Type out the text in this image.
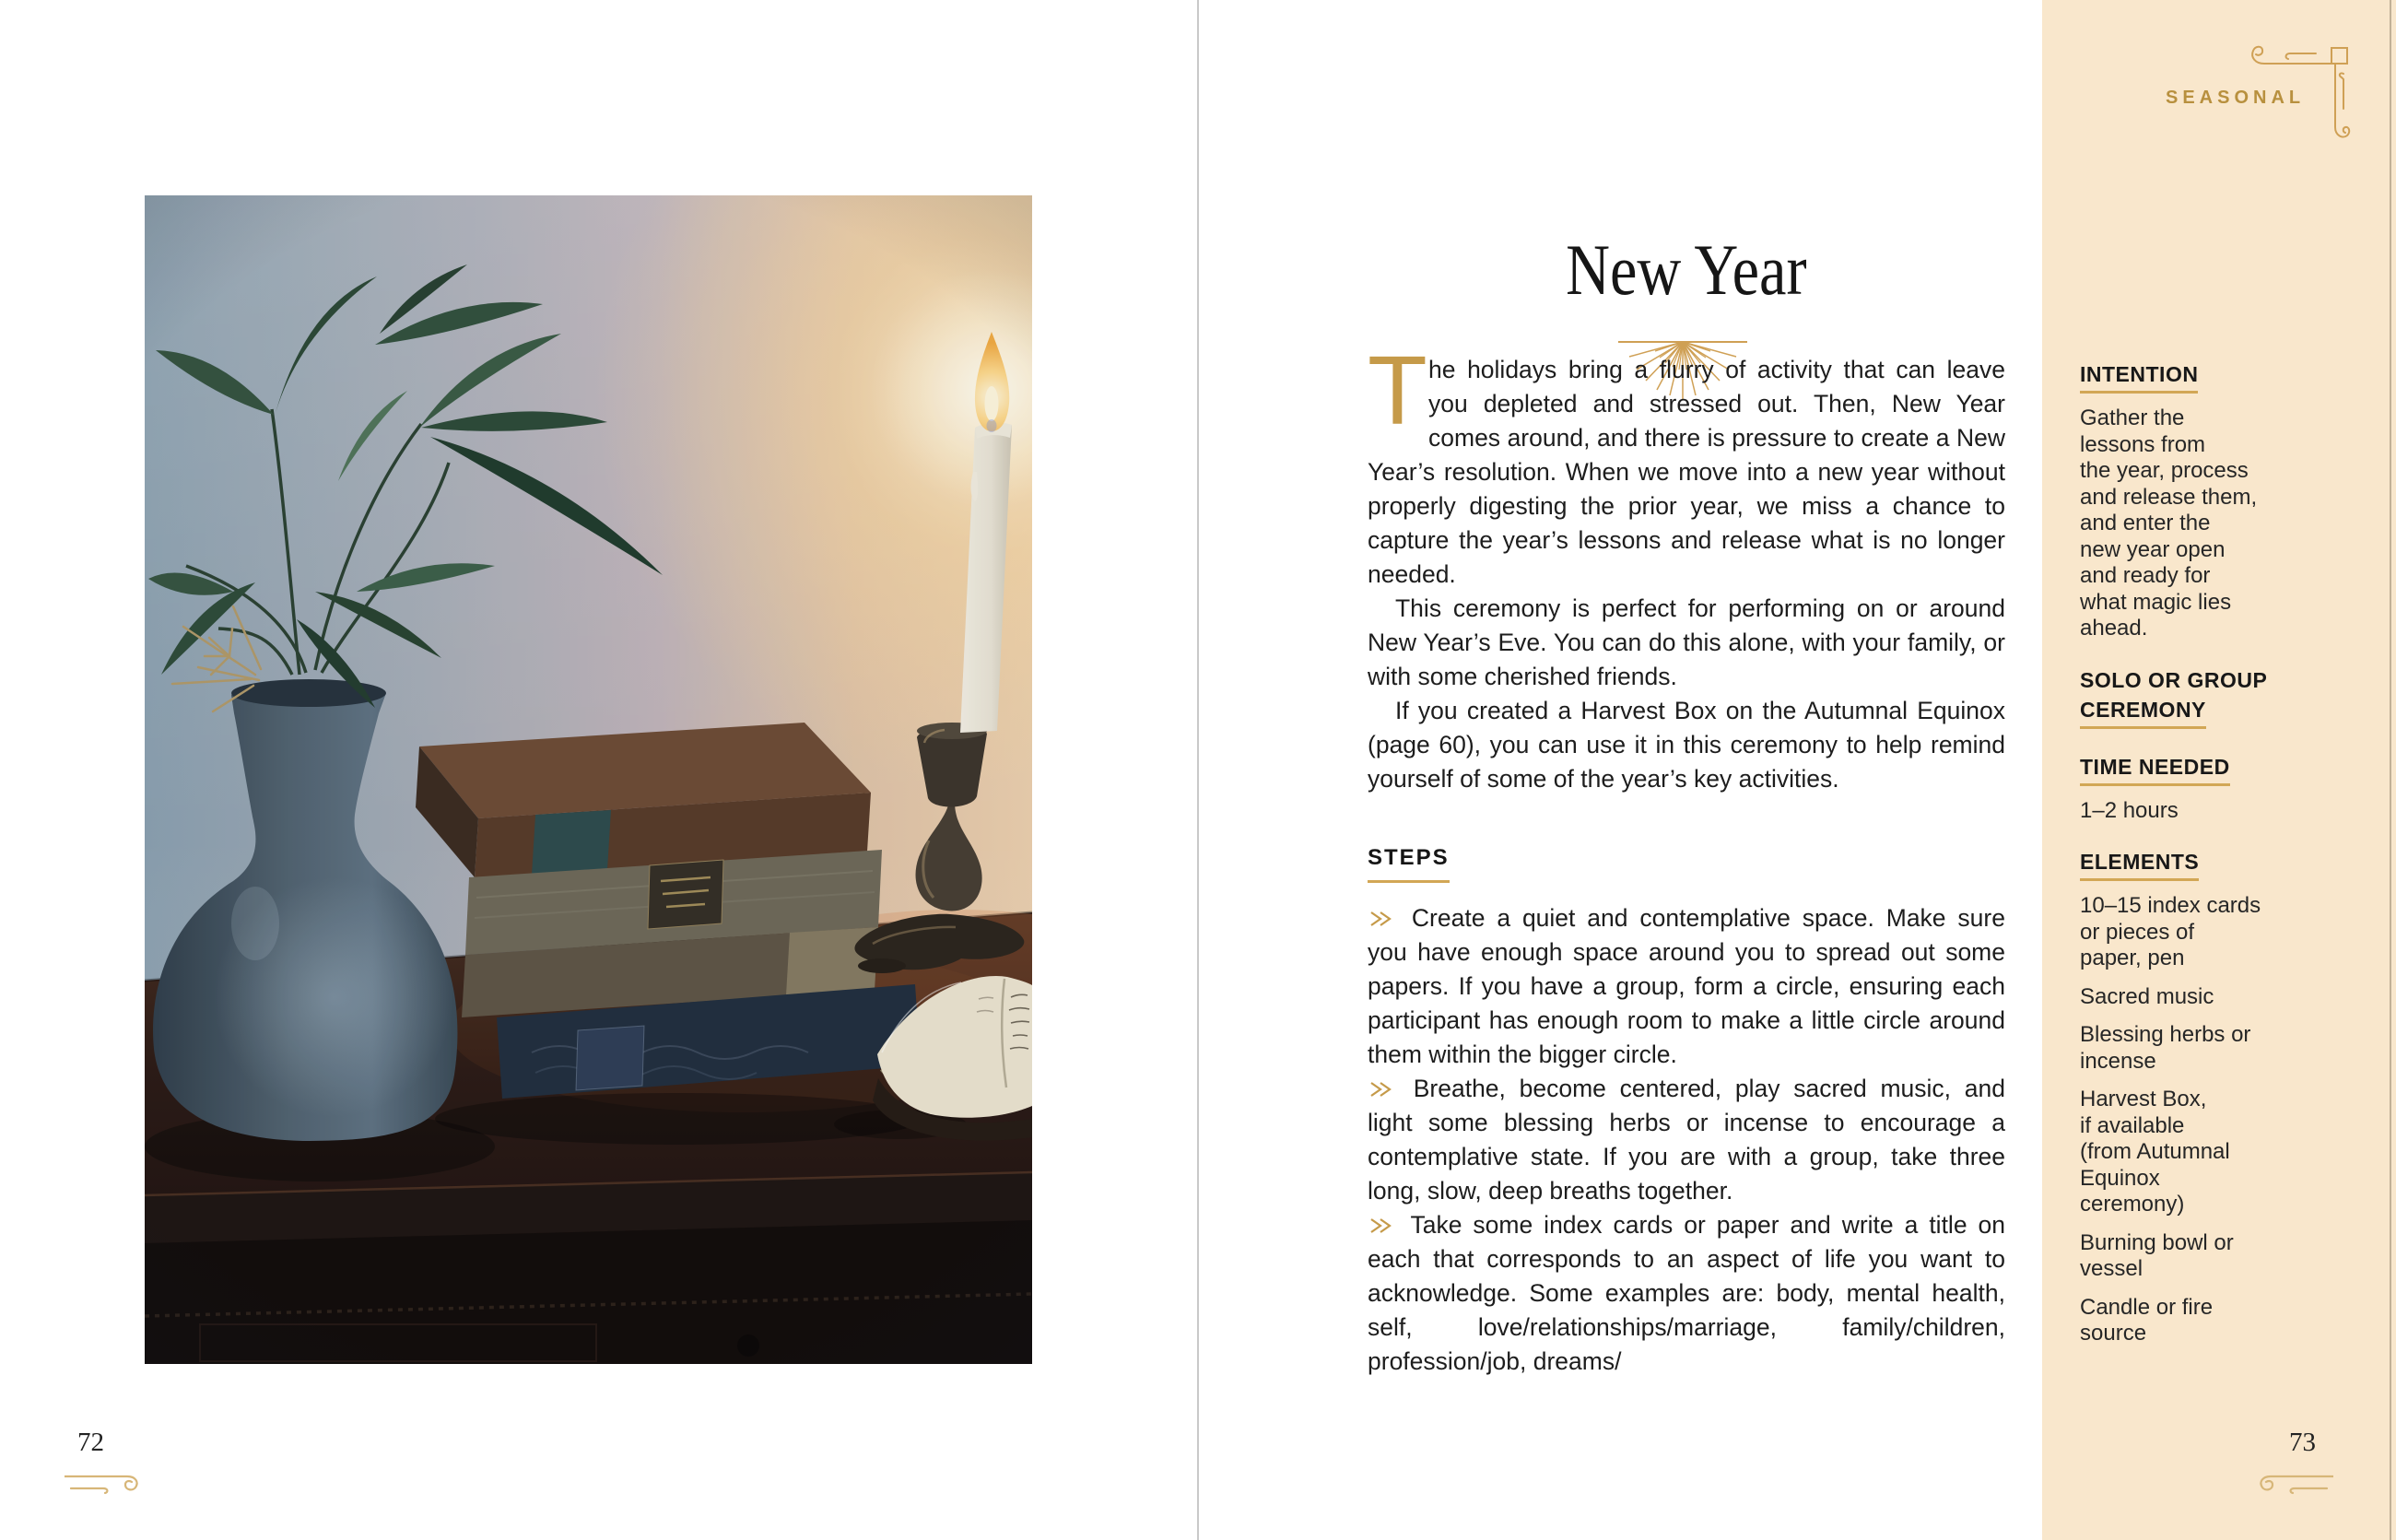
72
New Year

The holidays bring a flurry of activity that can leave you depleted and stressed out. Then, New Year comes around, and there is pressure to create a New Year’s resolution. When we move into a new year without properly digesting the prior year, we miss a chance to capture the year’s lessons and release what is no longer needed.

This ceremony is perfect for performing on or around New Year’s Eve. You can do this alone, with your family, or with some cherished friends.

If you created a Harvest Box on the Autumnal Equinox (page 60), you can use it in this ceremony to help remind yourself of some of the year’s key activities.

STEPS

Create a quiet and contemplative space. Make sure you have enough space around you to spread out some papers. If you have a group, form a circle, ensuring each participant has enough room to make a little circle around them within the bigger circle.

Breathe, become centered, play sacred music, and light some blessing herbs or incense to encourage a contemplative state. If you are with a group, take three long, slow, deep breaths together.

Take some index cards or paper and write a title on each that corresponds to an aspect of life you want to acknowledge. Some examples are: body, mental health, self, love/relationships/marriage, family/children, profession/job, dreams/

SEASONAL
INTENTION
Gather the
lessons from
the year, process
and release them,
and enter the
new year open
and ready for
what magic lies
ahead.
SOLO OR GROUP
CEREMONY
TIME NEEDED
1–2 hours
ELEMENTS
10–15 index cards
or pieces of
paper, pen
Sacred music
Blessing herbs or
incense
Harvest Box,
if available
(from Autumnal
Equinox
ceremony)
Burning bowl or
vessel
Candle or fire
source
73
